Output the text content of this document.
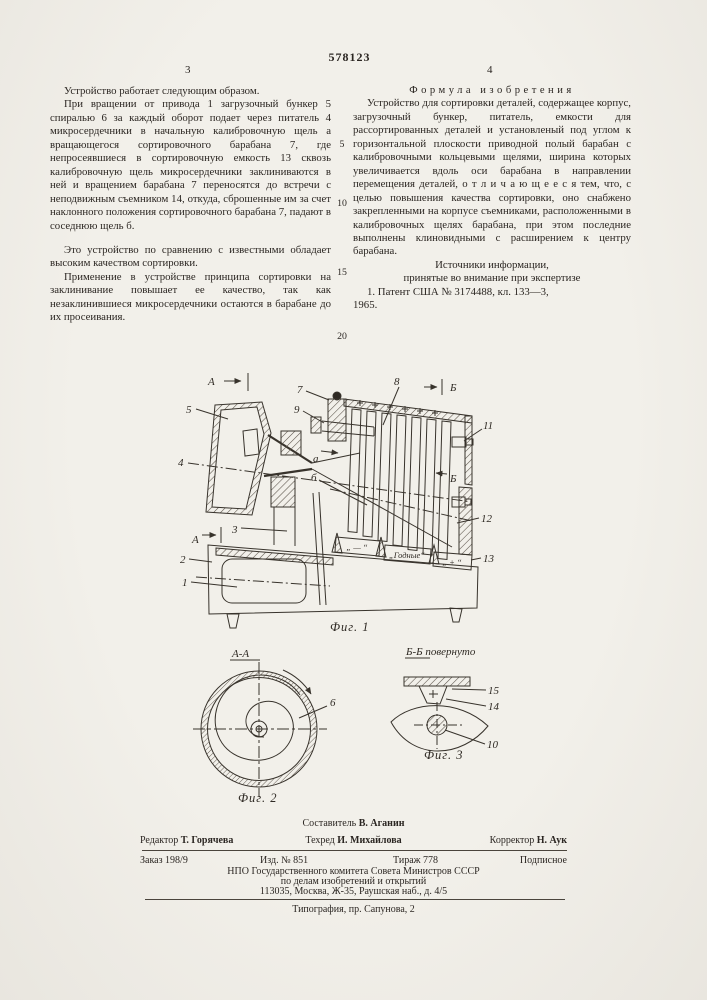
578123
3	4

Устройство работает следующим образом.

При вращении от привода 1 загрузочный бункер 5 спиралью 6 за каждый оборот подает через питатель 4 микросердечники в начальную калибровочную щель а вращающегося сортировочного барабана 7, где непросеявшиеся в сортировочную емкость 13 сквозь калибровочную щель микросердечники заклиниваются в ней и вращением барабана 7 переносятся до встречи с неподвижным съемником 14, откуда, сброшенные им за счет наклонного положения сортировочного барабана 7, падают в соседнюю щель б.

Это устройство по сравнению с известными обладает высоким качеством сортировки.

Применение в устройстве принципа сортировки на заклинивание повышает ее качество, так как незаклинившиеся микросердечники остаются в барабане до их просеивания.

Формула изобретения

Устройство для сортировки деталей, содержащее корпус, загрузочный бункер, питатель, емкости для рассортированных деталей и установленый под углом к горизонтальной плоскости приводной полый барабан с калибровочными кольцевыми щелями, ширина которых увеличивается вдоль оси барабана в направлении перемещения деталей, о т л и ч а ю щ е е с я тем, что, с целью повышения качества сортировки, оно снабжено закрепленными на корпусе съемниками, расположенными в калибровочных щелях барабана, при этом последние выполнены клиновидными с расширением к центру барабана.

Источники информации,

принятые во внимание при экспертизе

1. Патент США № 3174488, кл. 133—3,

1965.

5
10
15
20
А
5
7
9
8	Б
11
Б
12
4	а
б
3
А
1
2
„ — “
„Годные“
„ + “ 13
Фиг. 1
А-А
6
Фиг. 2
Б-Б повернуто
15
14
10
Фиг. 3
Составитель В. Аганин
Редактор Т. Горячева	Техред И. Михайлова	Корректор Н. Аук
Заказ 198/9	Изд. № 851	Тираж 778	Подписное
НПО Государственного комитета Совета Министров СССР
по делам изобретений и открытий
113035, Москва, Ж-35, Раушская наб., д. 4/5
Типография, пр. Сапунова, 2
